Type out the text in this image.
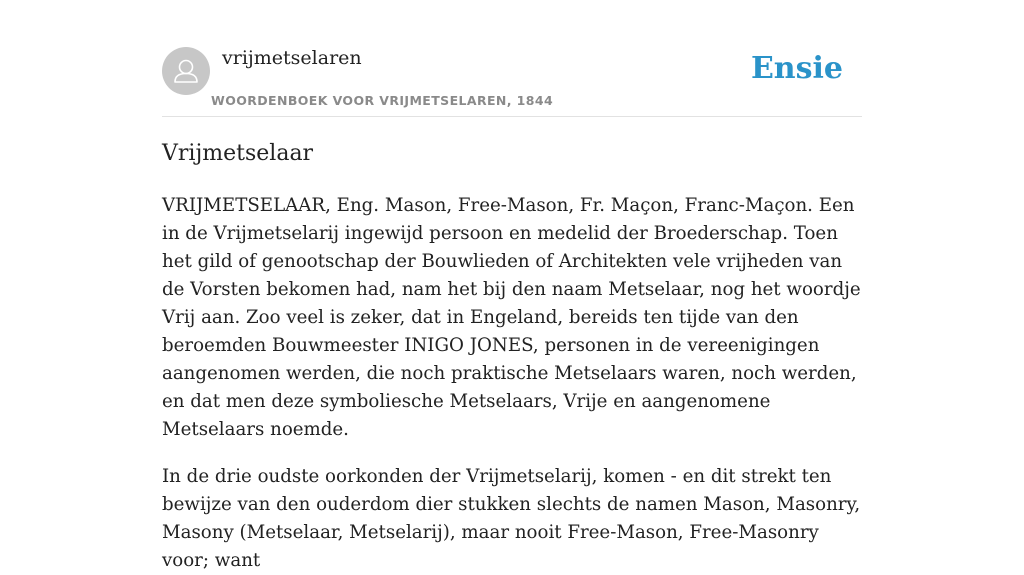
vrijmetselaren
WOORDENBOEK VOOR VRIJMETSELAREN, 1844
Ensie
Vrijmetselaar

VRIJMETSELAAR, Eng. Mason, Free-Mason, Fr. Maçon, Franc-Maçon. Een in de Vrijmetselarij ingewijd persoon en medelid der Broederschap. Toen het gild of genootschap der Bouwlieden of Architekten vele vrijheden van de Vorsten bekomen had, nam het bij den naam Metselaar, nog het woordje Vrij aan. Zoo veel is zeker, dat in Engeland, bereids ten tijde van den beroemden Bouwmeester INIGO JONES, personen in de vereenigingen aangenomen werden, die noch praktische Metselaars waren, noch werden, en dat men deze symboliesche Metselaars, Vrije en aangenomene Metselaars noemde.

In de drie oudste oorkonden der Vrijmetselarij, komen - en dit strekt ten bewijze van den ouderdom dier stukken slechts de namen Mason, Masonry, Masony (Metselaar, Metselarij), maar nooit Free-Mason, Free-Masonry voor; want
